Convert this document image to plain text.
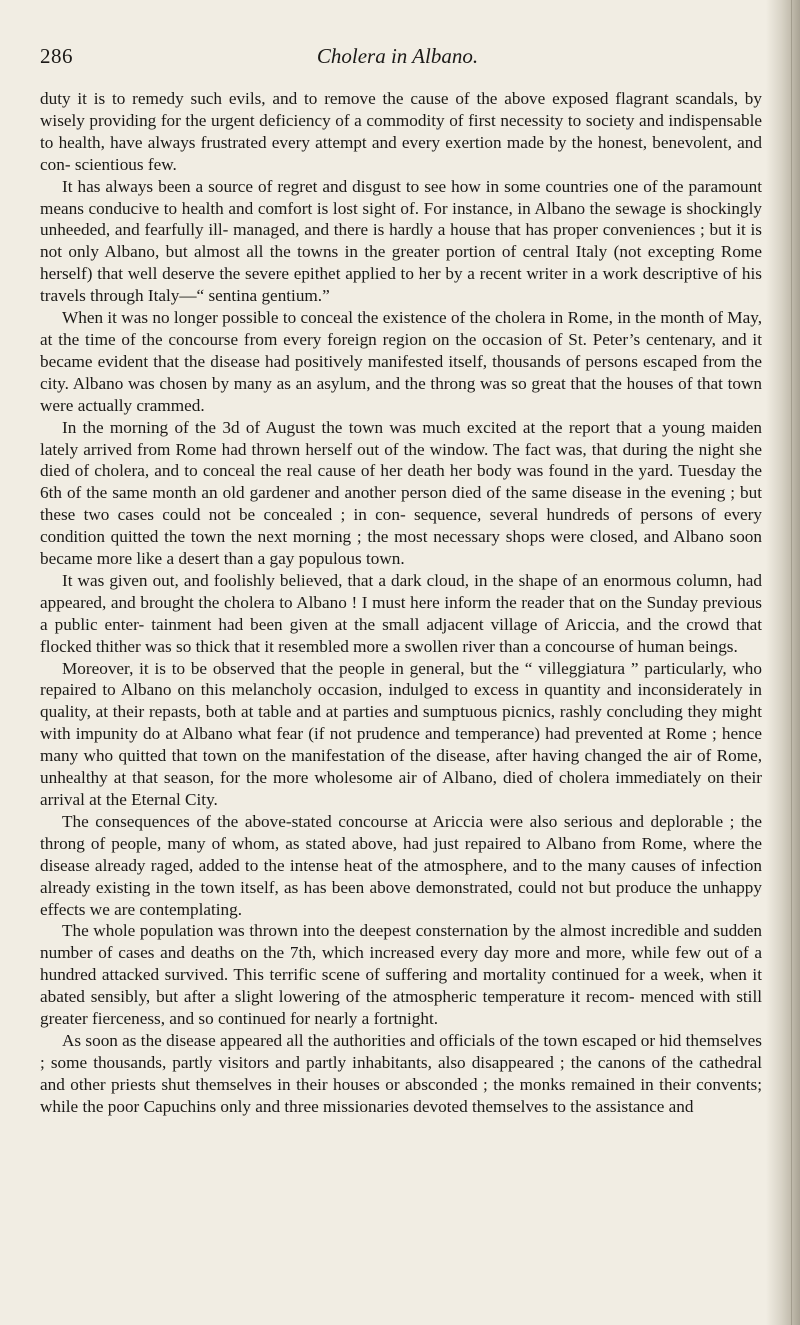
286	Cholera in Albano.

duty it is to remedy such evils, and to remove the cause of the above exposed flagrant scandals, by wisely providing for the urgent deficiency of a commodity of first necessity to society and indispensable to health, have always frustrated every attempt and every exertion made by the honest, benevolent, and con- scientious few.

It has always been a source of regret and disgust to see how in some countries one of the paramount means conducive to health and comfort is lost sight of. For instance, in Albano the sewage is shockingly unheeded, and fearfully ill- managed, and there is hardly a house that has proper conveniences ; but it is not only Albano, but almost all the towns in the greater portion of central Italy (not excepting Rome herself) that well deserve the severe epithet applied to her by a recent writer in a work descriptive of his travels through Italy—“ sentina gentium.”

When it was no longer possible to conceal the existence of the cholera in Rome, in the month of May, at the time of the concourse from every foreign region on the occasion of St. Peter’s centenary, and it became evident that the disease had positively manifested itself, thousands of persons escaped from the city. Albano was chosen by many as an asylum, and the throng was so great that the houses of that town were actually crammed.

In the morning of the 3d of August the town was much excited at the report that a young maiden lately arrived from Rome had thrown herself out of the window. The fact was, that during the night she died of cholera, and to conceal the real cause of her death her body was found in the yard. Tuesday the 6th of the same month an old gardener and another person died of the same disease in the evening ; but these two cases could not be concealed ; in con- sequence, several hundreds of persons of every condition quitted the town the next morning ; the most necessary shops were closed, and Albano soon became more like a desert than a gay populous town.

It was given out, and foolishly believed, that a dark cloud, in the shape of an enormous column, had appeared, and brought the cholera to Albano ! I must here inform the reader that on the Sunday previous a public enter- tainment had been given at the small adjacent village of Ariccia, and the crowd that flocked thither was so thick that it resembled more a swollen river than a concourse of human beings.

Moreover, it is to be observed that the people in general, but the “ villeggiatura ” particularly, who repaired to Albano on this melancholy occasion, indulged to excess in quantity and inconsiderately in quality, at their repasts, both at table and at parties and sumptuous picnics, rashly concluding they might with impunity do at Albano what fear (if not prudence and temperance) had prevented at Rome ; hence many who quitted that town on the manifestation of the disease, after having changed the air of Rome, unhealthy at that season, for the more wholesome air of Albano, died of cholera immediately on their arrival at the Eternal City.

The consequences of the above-stated concourse at Ariccia were also serious and deplorable ; the throng of people, many of whom, as stated above, had just repaired to Albano from Rome, where the disease already raged, added to the intense heat of the atmosphere, and to the many causes of infection already existing in the town itself, as has been above demonstrated, could not but produce the unhappy effects we are contemplating.

The whole population was thrown into the deepest consternation by the almost incredible and sudden number of cases and deaths on the 7th, which increased every day more and more, while few out of a hundred attacked survived. This terrific scene of suffering and mortality continued for a week, when it abated sensibly, but after a slight lowering of the atmospheric temperature it recom- menced with still greater fierceness, and so continued for nearly a fortnight.

As soon as the disease appeared all the authorities and officials of the town escaped or hid themselves ; some thousands, partly visitors and partly inhabitants, also disappeared ; the canons of the cathedral and other priests shut themselves in their houses or absconded ; the monks remained in their convents; while the poor Capuchins only and three missionaries devoted themselves to the assistance and
